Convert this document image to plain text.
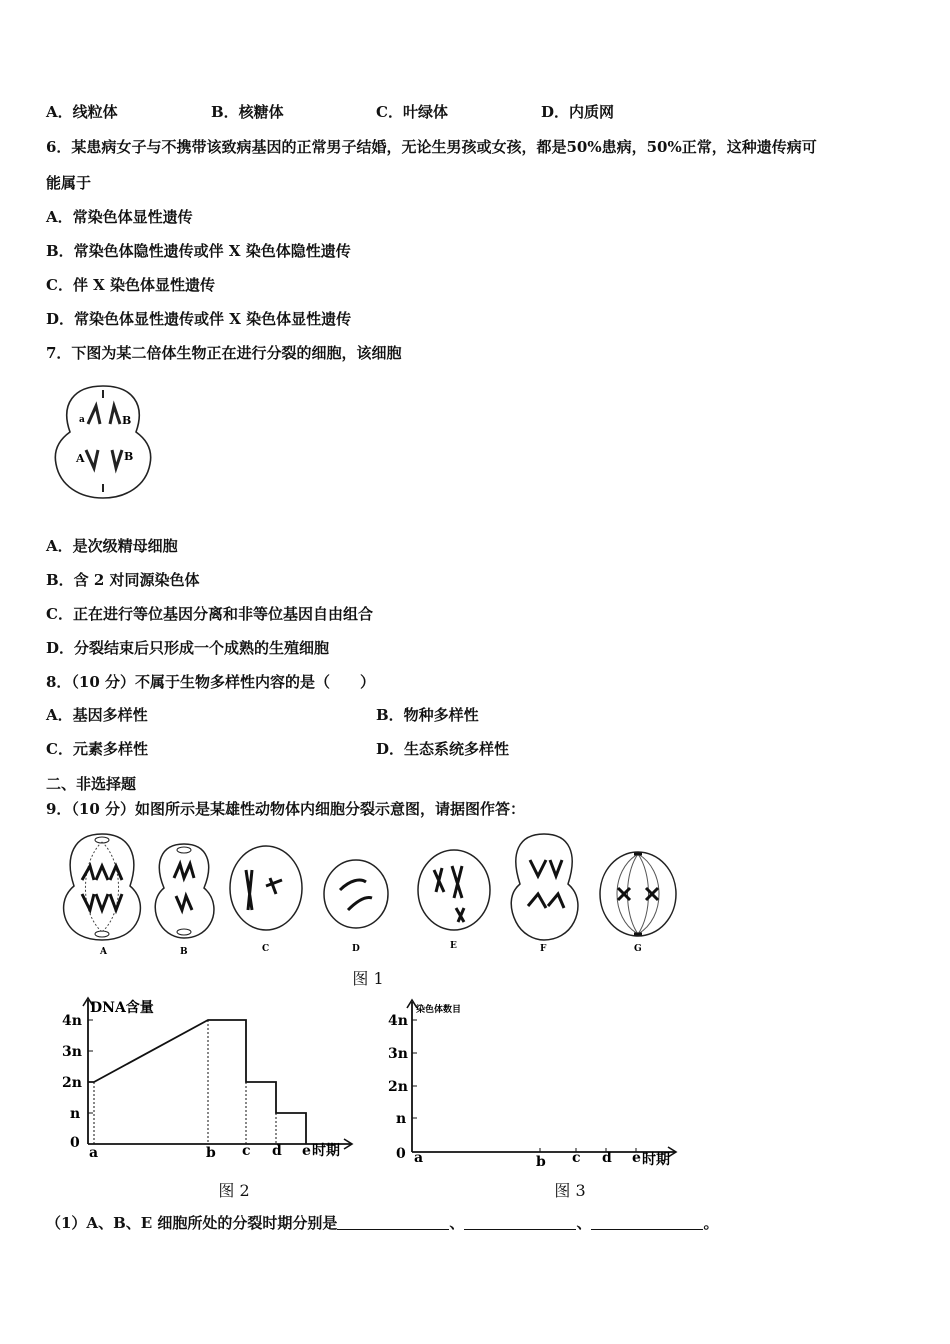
A．线粒体	B．核糖体	C．叶绿体	D．内质网
6．某患病女子与不携带该致病基因的正常男子结婚，无论生男孩或女孩，都是50%患病，50%正常，这种遗传病可
能属于
A．常染色体显性遗传
B．常染色体隐性遗传或伴 X 染色体隐性遗传
C．伴 X 染色体显性遗传
D．常染色体显性遗传或伴 X 染色体显性遗传
7．下图为某二倍体生物正在进行分裂的细胞，该细胞
a	B
A	B
A．是次级精母细胞
B．含 2 对同源染色体
C．正在进行等位基因分离和非等位基因自由组合
D．分裂结束后只形成一个成熟的生殖细胞
8．（10 分）不属于生物多样性内容的是（　　）
A．基因多样性	B．物种多样性
C．元素多样性	D．生态系统多样性
二、非选择题
9．（10 分）如图所示是某雄性动物体内细胞分裂示意图，请据图作答：
A	B	C	D	E	F	G
图 1
DNA含量
4n
3n
2n
n
0
a	b c d e 时期
图 2
染色体数目
4n
3n
2n
n
0 a	b c d e 时期
图 3
（1）A、B、E 细胞所处的分裂时期分别是	、	、	。
